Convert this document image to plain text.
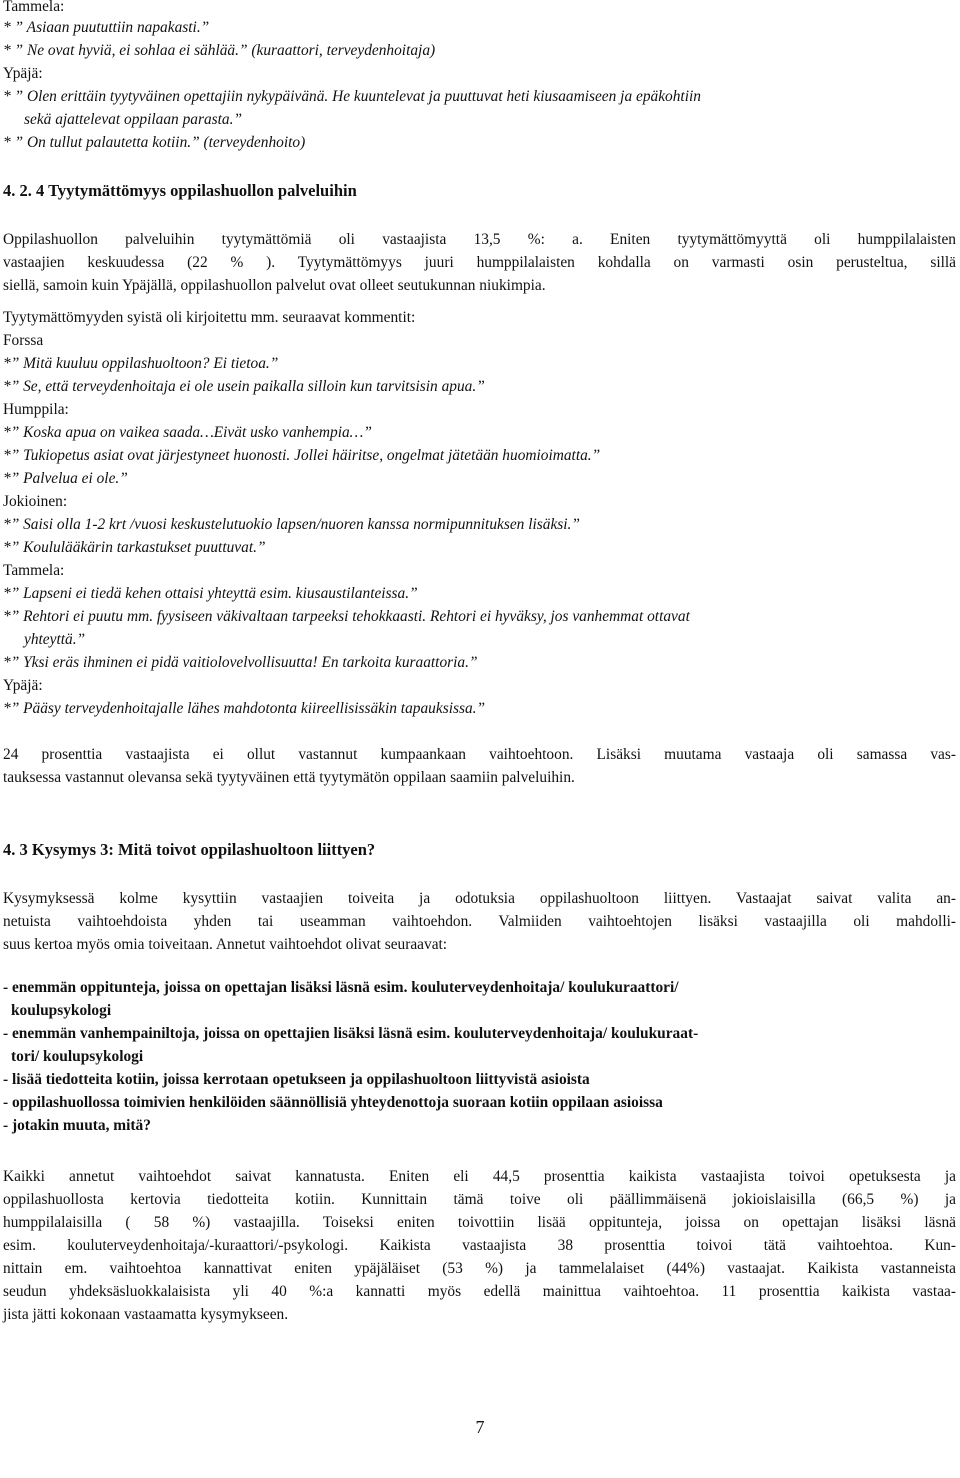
Tammela:
* ” Asiaan puututtiin napakasti.”
* ” Ne ovat hyviä, ei sohlaa ei sählää.” (kuraattori, terveydenhoitaja)
Ypäjä:
* ” Olen erittäin tyytyväinen opettajiin nykypäivänä. He kuuntelevat ja puuttuvat heti kiusaamiseen ja epäkohtiin
sekä ajattelevat oppilaan parasta.”
* ” On tullut palautetta kotiin.” (terveydenhoito)
4. 2. 4 Tyytymättömyys oppilashuollon palveluihin
Oppilashuollon palveluihin tyytymättömiä oli vastaajista 13,5 %: a. Eniten tyytymättömyyttä oli humppilalaisten
vastaajien keskuudessa (22 % ). Tyytymättömyys juuri humppilalaisten kohdalla on varmasti osin perusteltua, sillä
siellä, samoin kuin Ypäjällä, oppilashuollon palvelut ovat olleet seutukunnan niukimpia.
Tyytymättömyyden syistä oli kirjoitettu mm. seuraavat kommentit:
Forssa
*” Mitä kuuluu oppilashuoltoon? Ei tietoa.”
*” Se, että terveydenhoitaja ei ole usein paikalla silloin kun tarvitsisin apua.”
Humppila:
*” Koska apua on vaikea saada…Eivät usko vanhempia…”
*” Tukiopetus asiat ovat järjestyneet huonosti. Jollei häiritse, ongelmat jätetään huomioimatta.”
*” Palvelua ei ole.”
Jokioinen:
*” Saisi olla 1-2 krt /vuosi keskustelutuokio lapsen/nuoren kanssa normipunnituksen lisäksi.”
*” Koululääkärin tarkastukset puuttuvat.”
Tammela:
*” Lapseni ei tiedä kehen ottaisi yhteyttä esim. kiusaustilanteissa.”
*” Rehtori ei puutu mm. fyysiseen väkivaltaan tarpeeksi tehokkaasti. Rehtori ei hyväksy, jos vanhemmat ottavat
yhteyttä.”
*” Yksi eräs ihminen ei pidä vaitiolovelvollisuutta! En tarkoita kuraattoria.”
Ypäjä:
*” Pääsy terveydenhoitajalle lähes mahdotonta kiireellisissäkin tapauksissa.”
24 prosenttia vastaajista ei ollut vastannut kumpaankaan vaihtoehtoon. Lisäksi muutama vastaaja oli samassa vas-
tauksessa vastannut olevansa sekä tyytyväinen että tyytymätön oppilaan saamiin palveluihin.
4. 3 Kysymys 3: Mitä toivot oppilashuoltoon liittyen?
Kysymyksessä kolme kysyttiin vastaajien toiveita ja odotuksia oppilashuoltoon liittyen. Vastaajat saivat valita an-
netuista vaihtoehdoista yhden tai useamman vaihtoehdon. Valmiiden vaihtoehtojen lisäksi vastaajilla oli mahdolli-
suus kertoa myös omia toiveitaan. Annetut vaihtoehdot olivat seuraavat:
- enemmän oppitunteja, joissa on opettajan lisäksi läsnä esim. kouluterveydenhoitaja/ koulukuraattori/
koulupsykologi
- enemmän vanhempainiltoja, joissa on opettajien lisäksi läsnä esim. kouluterveydenhoitaja/ koulukuraat-
tori/ koulupsykologi
- lisää tiedotteita kotiin, joissa kerrotaan opetukseen ja oppilashuoltoon liittyvistä asioista
- oppilashuollossa toimivien henkilöiden säännöllisiä yhteydenottoja suoraan kotiin oppilaan asioissa
- jotakin muuta, mitä?
Kaikki annetut vaihtoehdot saivat kannatusta. Eniten eli 44,5 prosenttia kaikista vastaajista toivoi opetuksesta ja
oppilashuollosta kertovia tiedotteita kotiin. Kunnittain tämä toive oli päällimmäisenä jokioislaisilla (66,5 %) ja
humppilalaisilla ( 58 %) vastaajilla. Toiseksi eniten toivottiin lisää oppitunteja, joissa on opettajan lisäksi läsnä
esim. kouluterveydenhoitaja/-kuraattori/-psykologi. Kaikista vastaajista 38 prosenttia toivoi tätä vaihtoehtoa. Kun-
nittain em. vaihtoehtoa kannattivat eniten ypäjäläiset (53 %) ja tammelalaiset (44%) vastaajat. Kaikista vastanneista
seudun yhdeksäsluokkalaisista yli 40 %:a kannatti myös edellä mainittua vaihtoehtoa. 11 prosenttia kaikista vastaa-
jista jätti kokonaan vastaamatta kysymykseen.
7
